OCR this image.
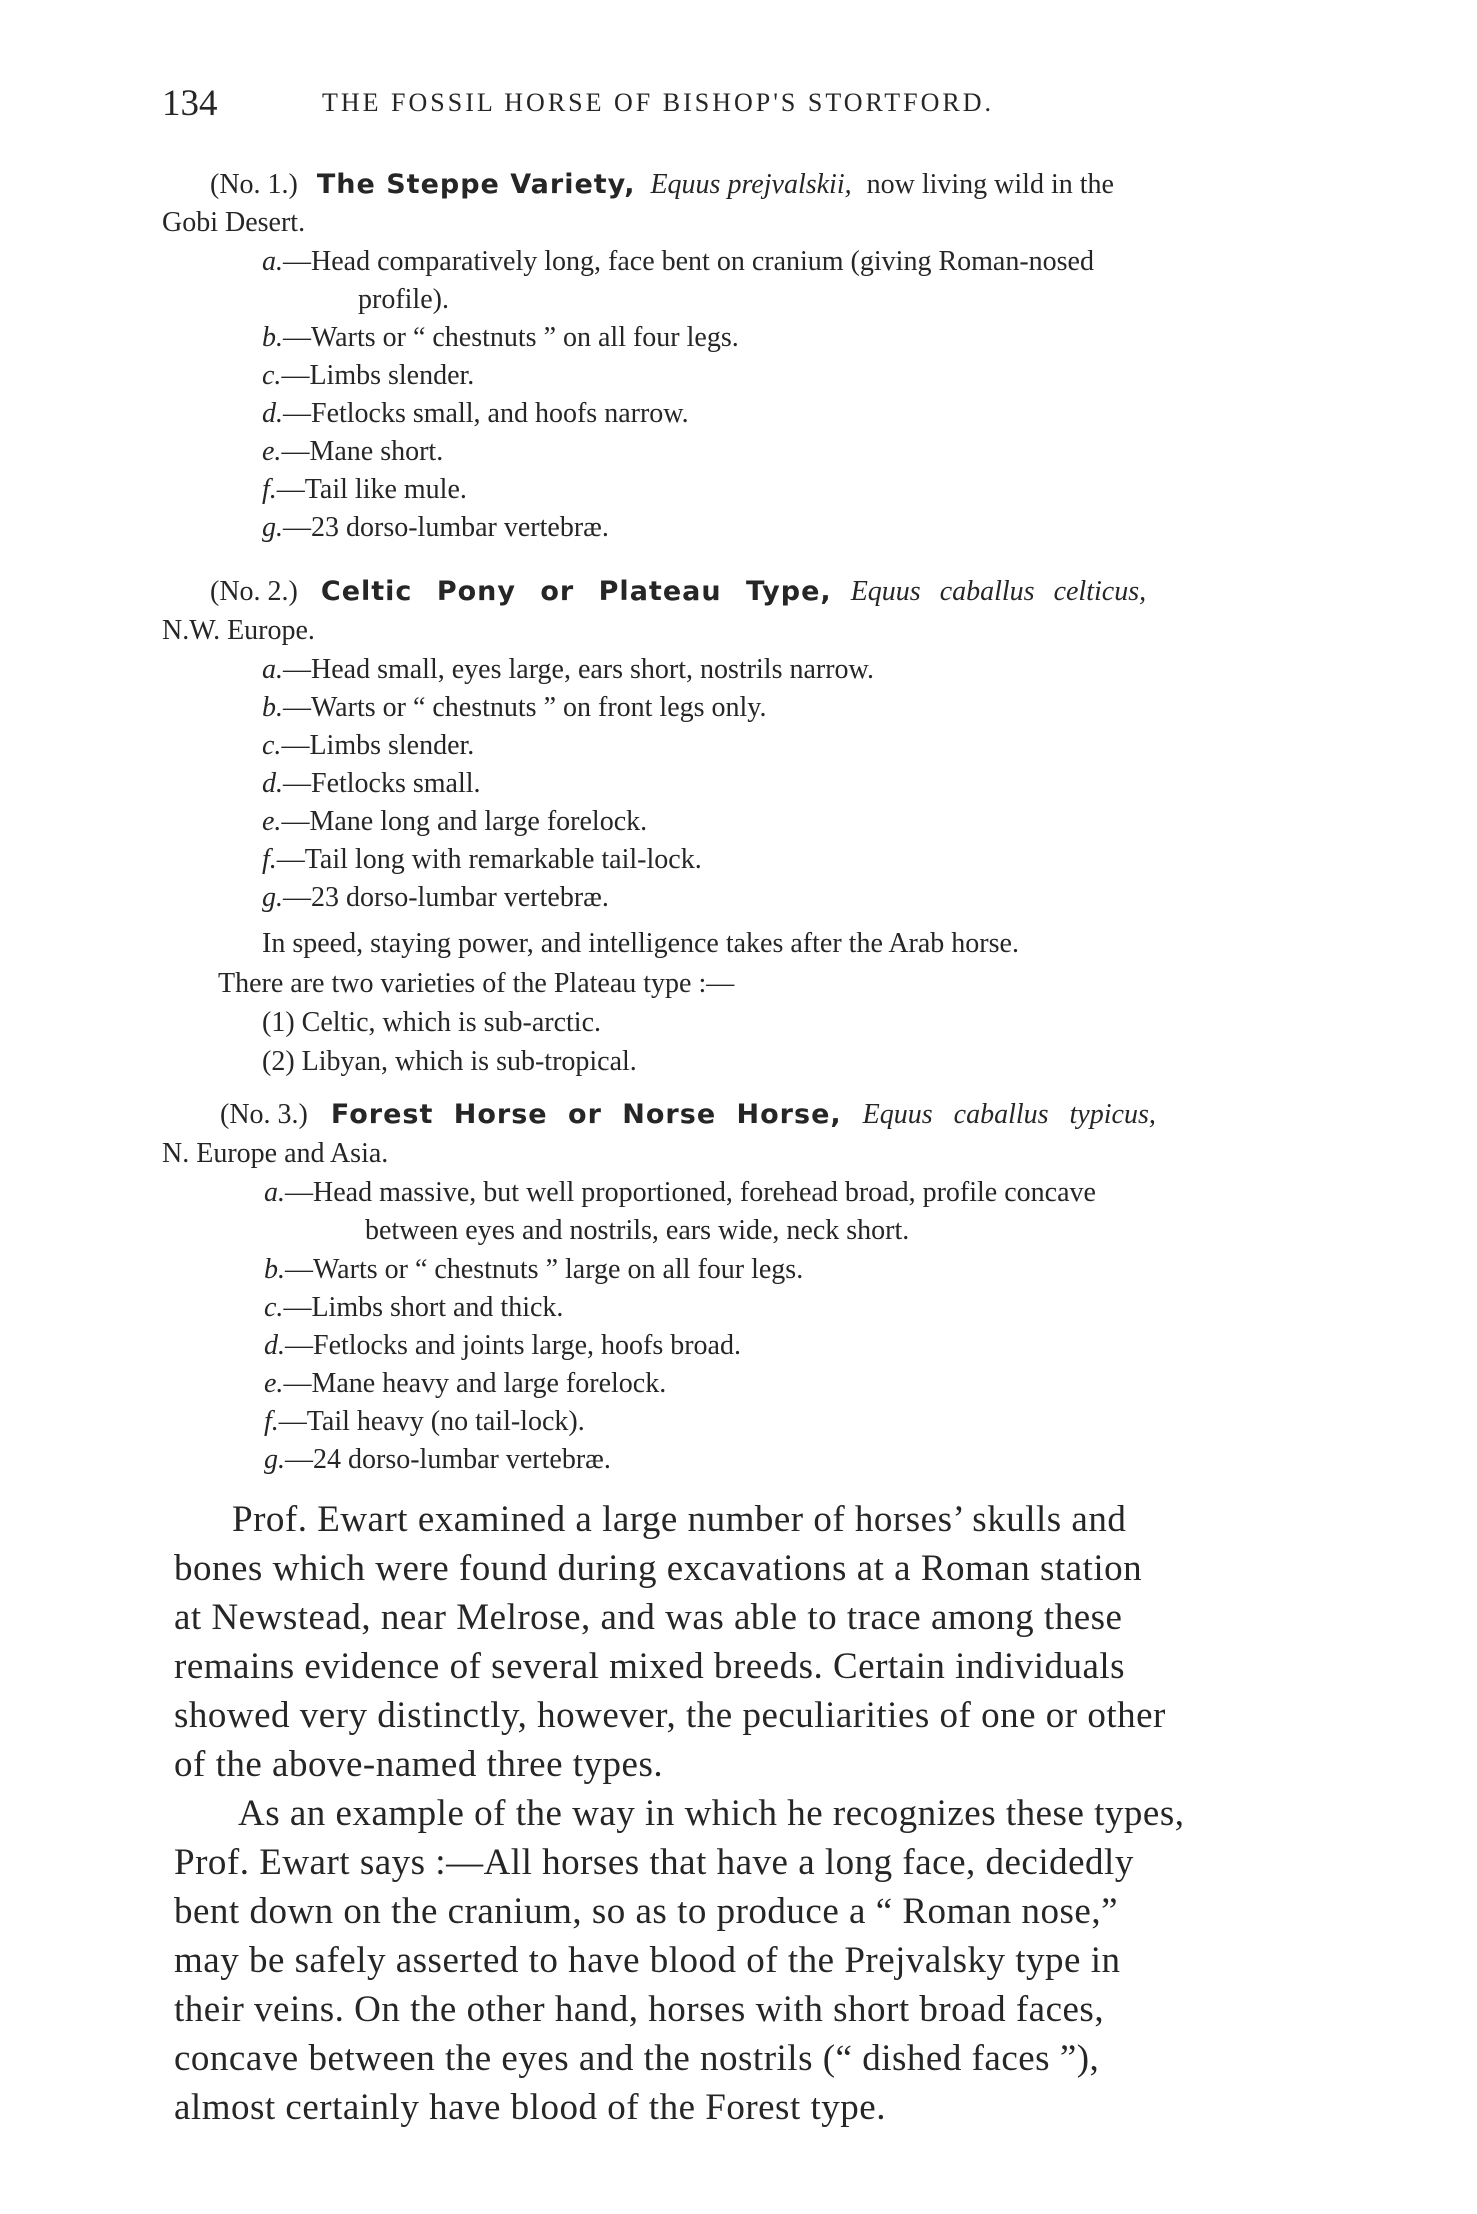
134	THE FOSSIL HORSE OF BISHOP'S STORTFORD.
(No. 1.) The Steppe Variety, Equus prejvalskii, now living wild in the
Gobi Desert.
a.—Head comparatively long, face bent on cranium (giving Roman-nosed
profile).
b.—Warts or “ chestnuts ” on all four legs.
c.—Limbs slender.
d.—Fetlocks small, and hoofs narrow.
e.—Mane short.
f.—Tail like mule.
g.—23 dorso-lumbar vertebræ.
(No. 2.) Celtic Pony or Plateau Type, Equus caballus celticus,
N.W. Europe.
a.—Head small, eyes large, ears short, nostrils narrow.
b.—Warts or “ chestnuts ” on front legs only.
c.—Limbs slender.
d.—Fetlocks small.
e.—Mane long and large forelock.
f.—Tail long with remarkable tail-lock.
g.—23 dorso-lumbar vertebræ.
In speed, staying power, and intelligence takes after the Arab horse.
There are two varieties of the Plateau type :—
(1) Celtic, which is sub-arctic.
(2) Libyan, which is sub-tropical.
(No. 3.) Forest Horse or Norse Horse, Equus caballus typicus,
N. Europe and Asia.
a.—Head massive, but well proportioned, forehead broad, profile concave
between eyes and nostrils, ears wide, neck short.
b.—Warts or “ chestnuts ” large on all four legs.
c.—Limbs short and thick.
d.—Fetlocks and joints large, hoofs broad.
e.—Mane heavy and large forelock.
f.—Tail heavy (no tail-lock).
g.—24 dorso-lumbar vertebræ.
Prof. Ewart examined a large number of horses’ skulls and
bones which were found during excavations at a Roman station
at Newstead, near Melrose, and was able to trace among these
remains evidence of several mixed breeds. Certain individuals
showed very distinctly, however, the peculiarities of one or other
of the above-named three types.
As an example of the way in which he recognizes these types,
Prof. Ewart says :—All horses that have a long face, decidedly
bent down on the cranium, so as to produce a “ Roman nose,”
may be safely asserted to have blood of the Prejvalsky type in
their veins. On the other hand, horses with short broad faces,
concave between the eyes and the nostrils (“ dished faces ”),
almost certainly have blood of the Forest type.
